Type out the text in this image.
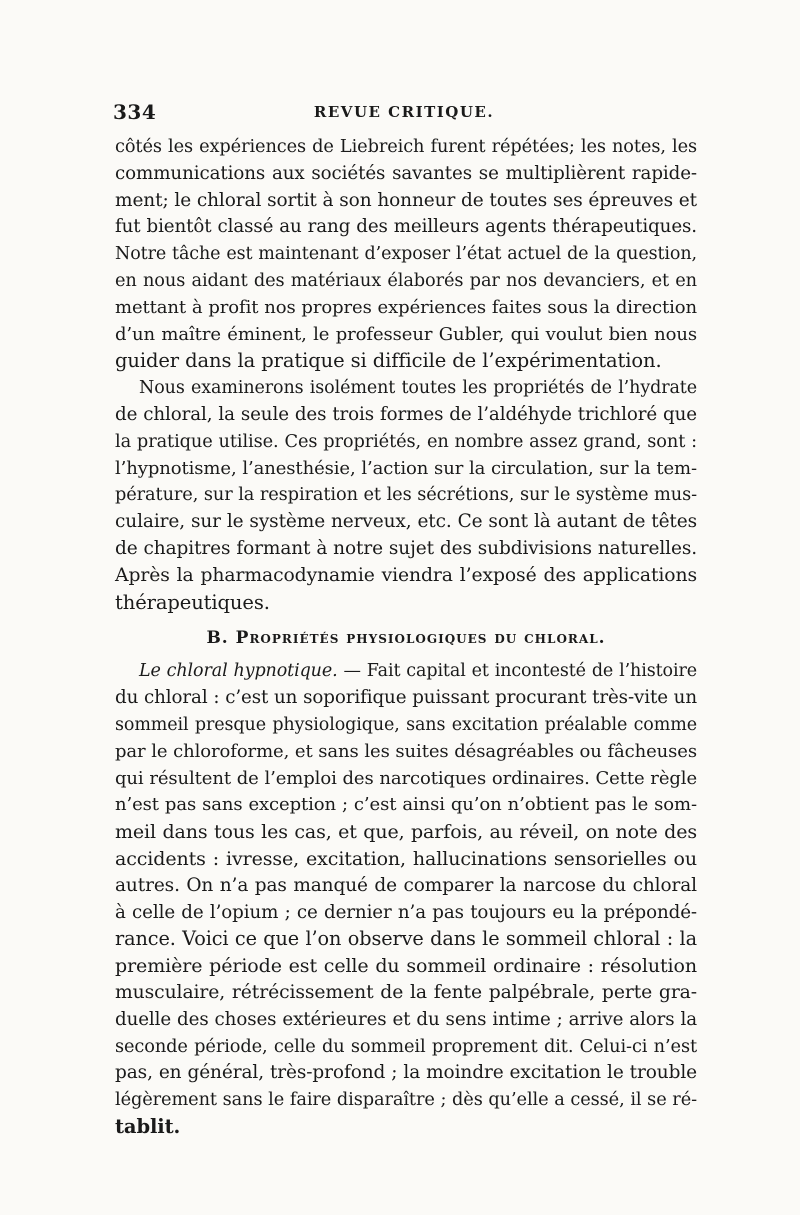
334	REVUE CRITIQUE.
côtés les expériences de Liebreich furent répétées; les notes, les
communications aux sociétés savantes se multiplièrent rapide-
ment; le chloral sortit à son honneur de toutes ses épreuves et
fut bientôt classé au rang des meilleurs agents thérapeutiques.
Notre tâche est maintenant d’exposer l’état actuel de la question,
en nous aidant des matériaux élaborés par nos devanciers, et en
mettant à profit nos propres expériences faites sous la direction
d’un maître éminent, le professeur Gubler, qui voulut bien nous
guider dans la pratique si difficile de l’expérimentation.
Nous examinerons isolément toutes les propriétés de l’hydrate
de chloral, la seule des trois formes de l’aldéhyde trichloré que
la pratique utilise. Ces propriétés, en nombre assez grand, sont :
l’hypnotisme, l’anesthésie, l’action sur la circulation, sur la tem-
pérature, sur la respiration et les sécrétions, sur le système mus-
culaire, sur le système nerveux, etc. Ce sont là autant de têtes
de chapitres formant à notre sujet des subdivisions naturelles.
Après la pharmacodynamie viendra l’exposé des applications
thérapeutiques.
B. Propriétés physiologiques du chloral.
Le chloral hypnotique. — Fait capital et incontesté de l’histoire
du chloral : c’est un soporifique puissant procurant très-vite un
sommeil presque physiologique, sans excitation préalable comme
par le chloroforme, et sans les suites désagréables ou fâcheuses
qui résultent de l’emploi des narcotiques ordinaires. Cette règle
n’est pas sans exception ; c’est ainsi qu’on n’obtient pas le som-
meil dans tous les cas, et que, parfois, au réveil, on note des
accidents : ivresse, excitation, hallucinations sensorielles ou
autres. On n’a pas manqué de comparer la narcose du chloral
à celle de l’opium ; ce dernier n’a pas toujours eu la prépondé-
rance. Voici ce que l’on observe dans le sommeil chloral : la
première période est celle du sommeil ordinaire : résolution
musculaire, rétrécissement de la fente palpébrale, perte gra-
duelle des choses extérieures et du sens intime ; arrive alors la
seconde période, celle du sommeil proprement dit. Celui-ci n’est
pas, en général, très-profond ; la moindre excitation le trouble
légèrement sans le faire disparaître ; dès qu’elle a cessé, il se ré-
tablit.
